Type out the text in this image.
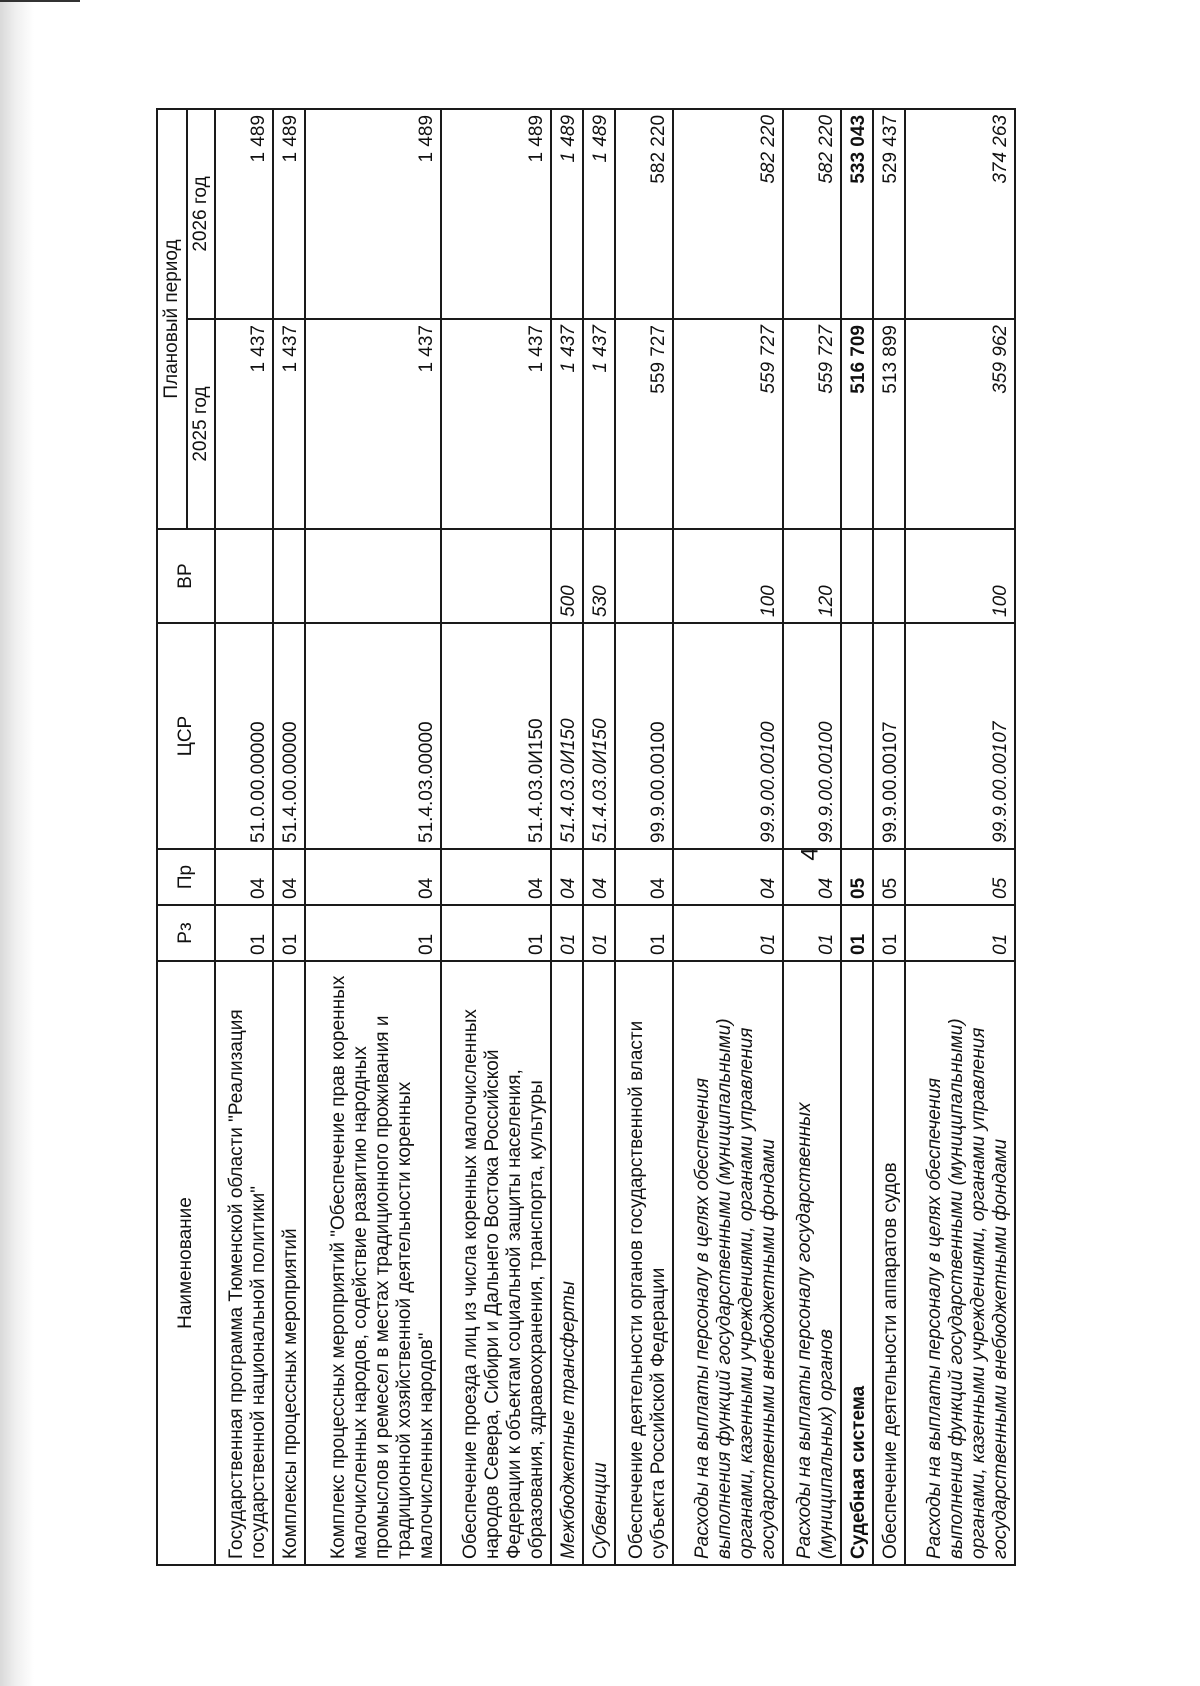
4
Наименование	Рз	Пр	ЦСР	ВР	Плановый период	
					2025 год	2026 год
Государственная программа Тюменской области "Реализация государственной национальной политики"	01	04	51.0.00.00000		1 437	1 489
Комплексы процессных мероприятий	01	04	51.4.00.00000		1 437	1 489
Комплекс процессных мероприятий "Обеспечение прав коренных малочисленных народов, содействие развитию народных промыслов и ремесел в местах традиционного проживания и традиционной хозяйственной деятельности коренных малочисленных народов"	01	04	51.4.03.00000		1 437	1 489
Обеспечение проезда лиц из числа коренных малочисленных народов Севера, Сибири и Дальнего Востока Российской Федерации к объектам социальной защиты населения, образования, здравоохранения, транспорта, культуры	01	04	51.4.03.0И150		1 437	1 489
Межбюджетные трансферты	01	04	51.4.03.0И150	500	1 437	1 489
Субвенции	01	04	51.4.03.0И150	530	1 437	1 489
Обеспечение деятельности органов государственной власти субъекта Российской Федерации	01	04	99.9.00.00100		559 727	582 220
Расходы на выплаты персоналу в целях обеспечения выполнения функций государственными (муниципальными) органами, казенными учреждениями, органами управления государственными внебюджетными фондами	01	04	99.9.00.00100	100	559 727	582 220
Расходы на выплаты персоналу государственных (муниципальных) органов	01	04	99.9.00.00100	120	559 727	582 220
Судебная система	01	05			516 709	533 043
Обеспечение деятельности аппаратов судов	01	05	99.9.00.00107		513 899	529 437
Расходы на выплаты персоналу в целях обеспечения выполнения функций государственными (муниципальными) органами, казенными учреждениями, органами управления государственными внебюджетными фондами	01	05	99.9.00.00107	100	359 962	374 263
